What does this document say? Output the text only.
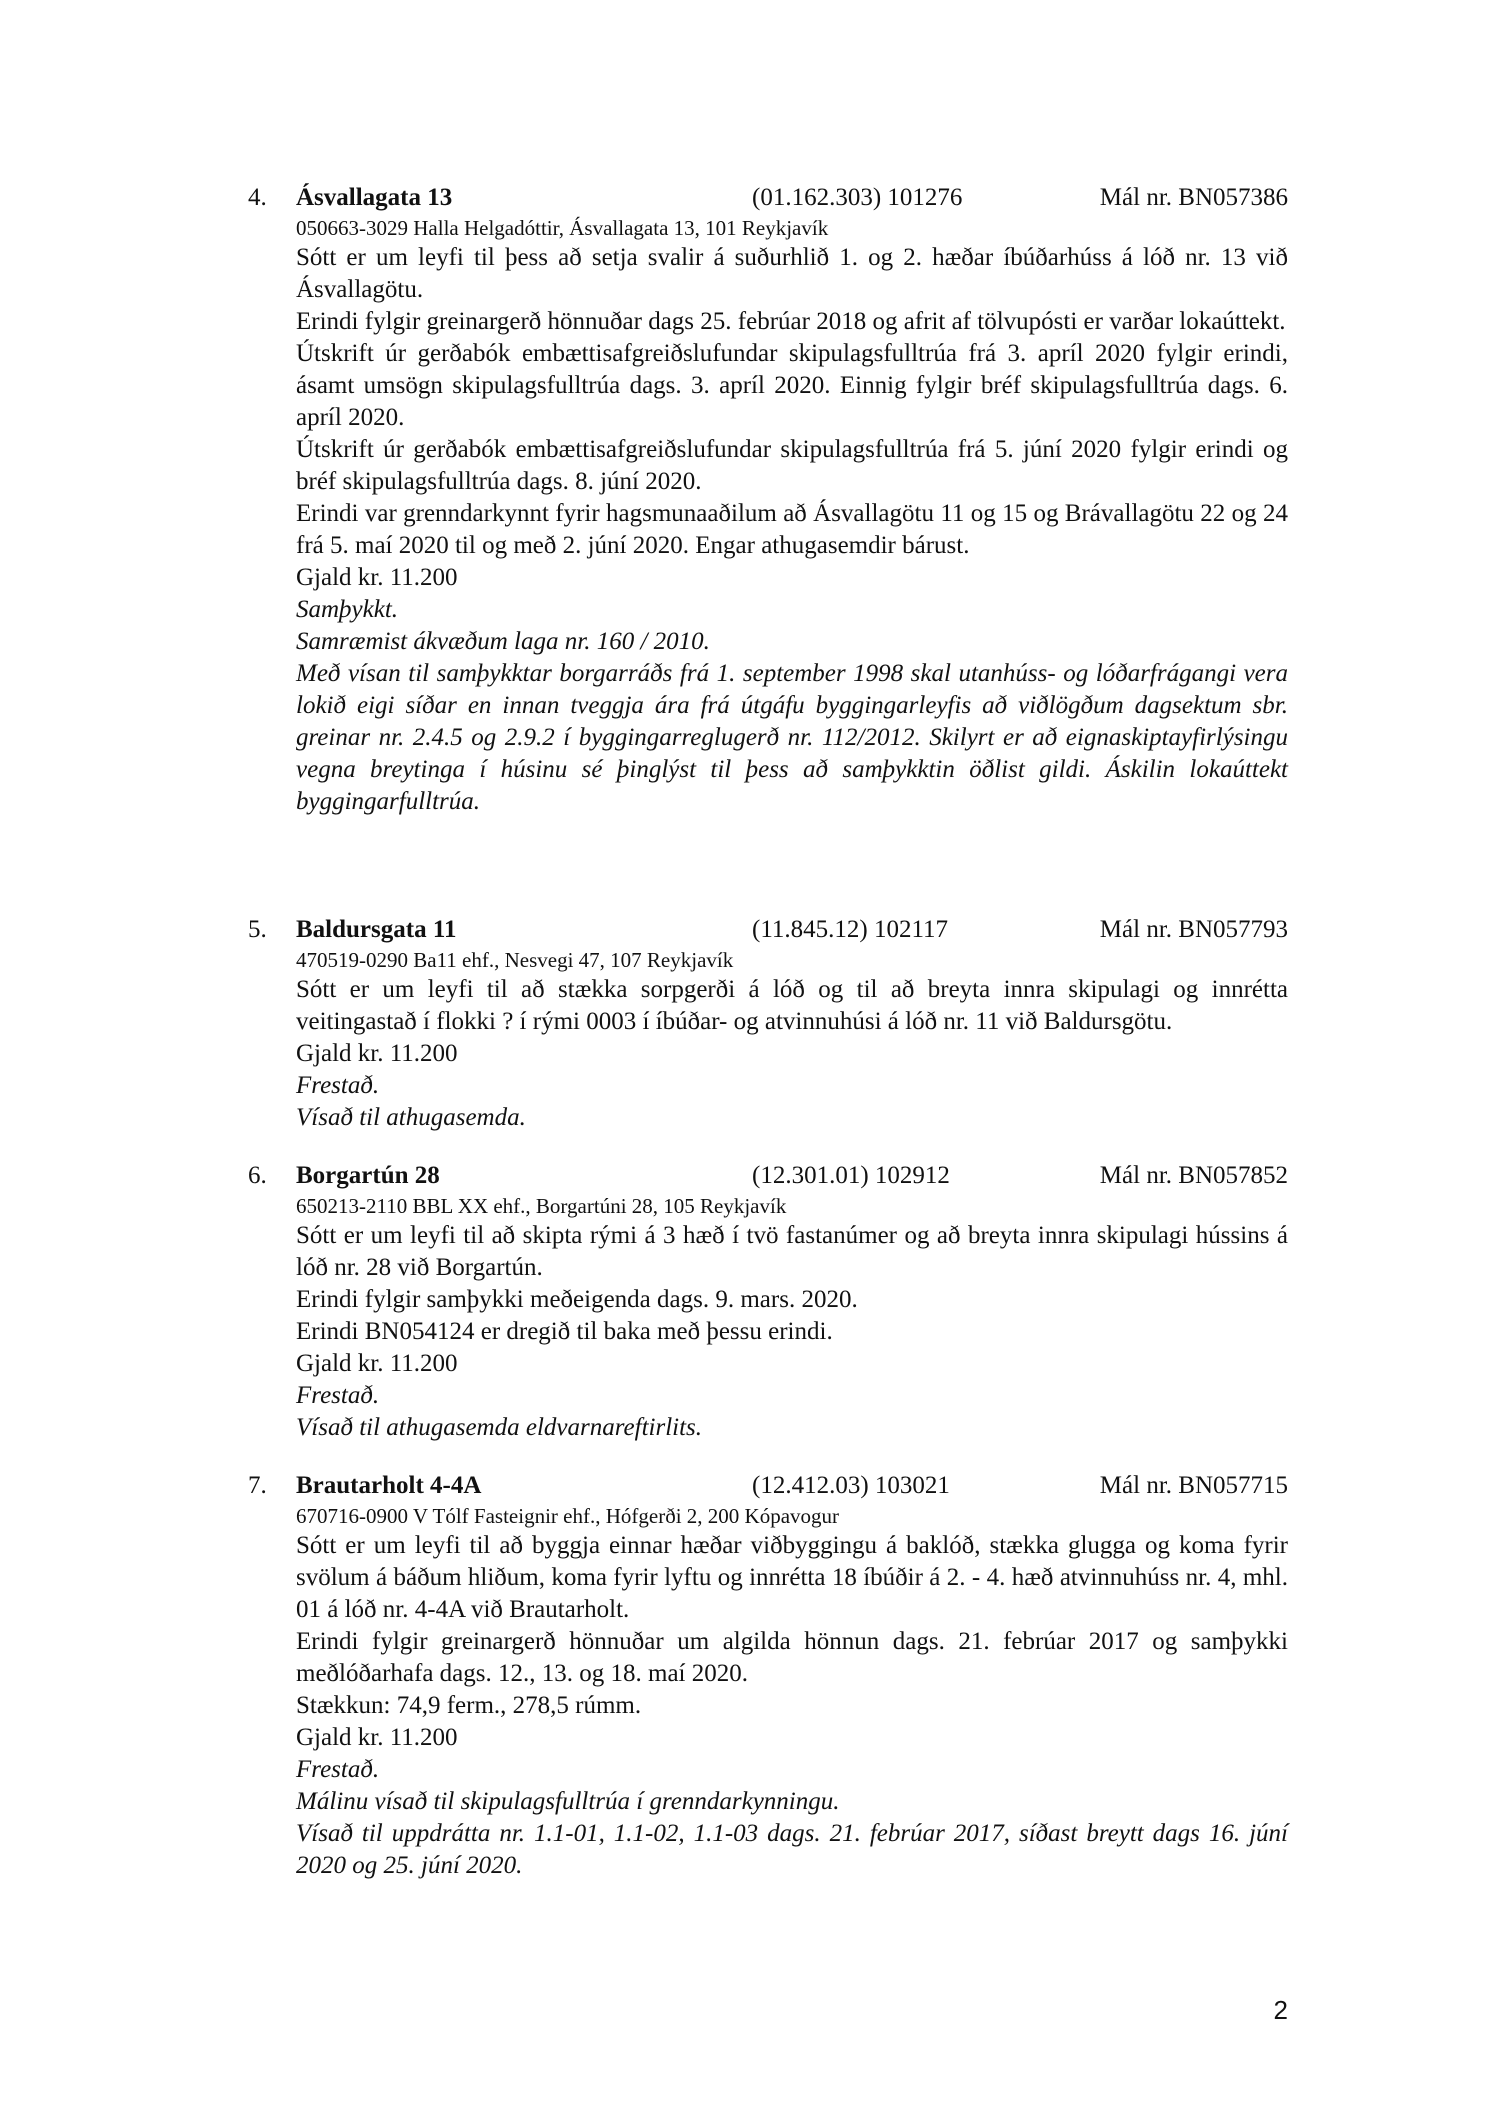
4. Ásvallagata 13	(01.162.303) 101276	Mál nr. BN057386
050663-3029 Halla Helgadóttir, Ásvallagata 13, 101 Reykjavík

Sótt er um leyfi til þess að setja svalir á suðurhlið 1. og 2. hæðar íbúðarhúss á lóð nr. 13 við Ásvallagötu.

Erindi fylgir greinargerð hönnuðar dags 25. febrúar 2018 og afrit af tölvupósti er varðar lokaúttekt.

Útskrift úr gerðabók embættisafgreiðslufundar skipulagsfulltrúa frá 3. apríl 2020 fylgir erindi, ásamt umsögn skipulagsfulltrúa dags. 3. apríl 2020. Einnig fylgir bréf skipulagsfulltrúa dags. 6. apríl 2020.

Útskrift úr gerðabók embættisafgreiðslufundar skipulagsfulltrúa frá 5. júní 2020 fylgir erindi og bréf skipulagsfulltrúa dags. 8. júní 2020.

Erindi var grenndarkynnt fyrir hagsmunaaðilum að Ásvallagötu 11 og 15 og Brávallagötu 22 og 24 frá 5. maí 2020 til og með 2. júní 2020. Engar athugasemdir bárust.

Gjald kr. 11.200

Samþykkt.

Samræmist ákvæðum laga nr. 160 / 2010.

Með vísan til samþykktar borgarráðs frá 1. september 1998 skal utanhúss- og lóðarfrágangi vera lokið eigi síðar en innan tveggja ára frá útgáfu byggingarleyfis að viðlögðum dagsektum sbr. greinar nr. 2.4.5 og 2.9.2 í byggingarreglugerð nr. 112/2012. Skilyrt er að eignaskiptayfirlýsingu vegna breytinga í húsinu sé þinglýst til þess að samþykktin öðlist gildi. Áskilin lokaúttekt byggingarfulltrúa.

5. Baldursgata 11	(11.845.12) 102117	Mál nr. BN057793
470519-0290 Ba11 ehf., Nesvegi 47, 107 Reykjavík

Sótt er um leyfi til að stækka sorpgerði á lóð og til að breyta innra skipulagi og innrétta veitingastað í flokki ? í rými 0003 í íbúðar- og atvinnuhúsi á lóð nr. 11 við Baldursgötu.

Gjald kr. 11.200

Frestað.

Vísað til athugasemda.

6. Borgartún 28	(12.301.01) 102912	Mál nr. BN057852
650213-2110 BBL XX ehf., Borgartúni 28, 105 Reykjavík

Sótt er um leyfi til að skipta rými á 3 hæð í tvö fastanúmer og að breyta innra skipulagi hússins á lóð nr. 28 við Borgartún.

Erindi fylgir samþykki meðeigenda dags. 9. mars. 2020.

Erindi BN054124 er dregið til baka með þessu erindi.

Gjald kr. 11.200

Frestað.

Vísað til athugasemda eldvarnareftirlits.

7. Brautarholt 4-4A	(12.412.03) 103021	Mál nr. BN057715
670716-0900 V Tólf Fasteignir ehf., Hófgerði 2, 200 Kópavogur

Sótt er um leyfi til að byggja einnar hæðar viðbyggingu á baklóð, stækka glugga og koma fyrir svölum á báðum hliðum, koma fyrir lyftu og innrétta 18 íbúðir á 2. - 4. hæð atvinnuhúss nr. 4, mhl. 01 á lóð nr. 4-4A við Brautarholt.

Erindi fylgir greinargerð hönnuðar um algilda hönnun dags. 21. febrúar 2017 og samþykki meðlóðarhafa dags. 12., 13. og 18. maí 2020.

Stækkun: 74,9 ferm., 278,5 rúmm.

Gjald kr. 11.200

Frestað.

Málinu vísað til skipulagsfulltrúa í grenndarkynningu.

Vísað til uppdrátta nr. 1.1-01, 1.1-02, 1.1-03 dags. 21. febrúar 2017, síðast breytt dags 16. júní 2020 og 25. júní 2020.

2
